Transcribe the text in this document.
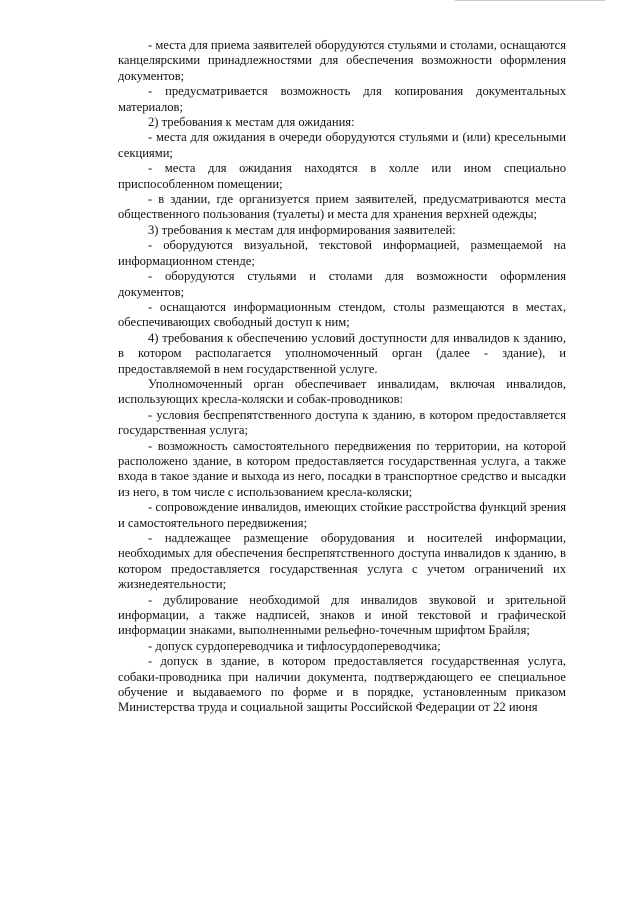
- места для приема заявителей оборудуются стульями и столами, оснащаются канцелярскими принадлежностями для обеспечения возможности оформления документов;

- предусматривается возможность для копирования документальных материалов;

2) требования к местам для ожидания:

- места для ожидания в очереди оборудуются стульями и (или) кресельными секциями;

- места для ожидания находятся в холле или ином специально приспособленном помещении;

- в здании, где организуется прием заявителей, предусматриваются места общественного пользования (туалеты) и места для хранения верхней одежды;

3) требования к местам для информирования заявителей:

- оборудуются визуальной, текстовой информацией, размещаемой на информационном стенде;

- оборудуются стульями и столами для возможности оформления документов;

- оснащаются информационным стендом, столы размещаются в местах, обеспечивающих свободный доступ к ним;

4) требования к обеспечению условий доступности для инвалидов к зданию, в котором располагается уполномоченный орган (далее - здание), и предоставляемой в нем государственной услуге.

Уполномоченный орган обеспечивает инвалидам, включая инвалидов, использующих кресла-коляски и собак-проводников:

- условия беспрепятственного доступа к зданию, в котором предоставляется государственная услуга;

- возможность самостоятельного передвижения по территории, на которой расположено здание, в котором предоставляется государственная услуга, а также входа в такое здание и выхода из него, посадки в транспортное средство и высадки из него, в том числе с использованием кресла-коляски;

- сопровождение инвалидов, имеющих стойкие расстройства функций зрения и самостоятельного передвижения;

- надлежащее размещение оборудования и носителей информации, необходимых для обеспечения беспрепятственного доступа инвалидов к зданию, в котором предоставляется государственная услуга с учетом ограничений их жизнедеятельности;

- дублирование необходимой для инвалидов звуковой и зрительной информации, а также надписей, знаков и иной текстовой и графической информации знаками, выполненными рельефно-точечным шрифтом Брайля;

- допуск сурдопереводчика и тифлосурдопереводчика;

- допуск в здание, в котором предоставляется государственная услуга, собаки-проводника при наличии документа, подтверждающего ее специальное обучение и выдаваемого по форме и в порядке, установленным приказом Министерства труда и социальной защиты Российской Федерации от 22 июня
